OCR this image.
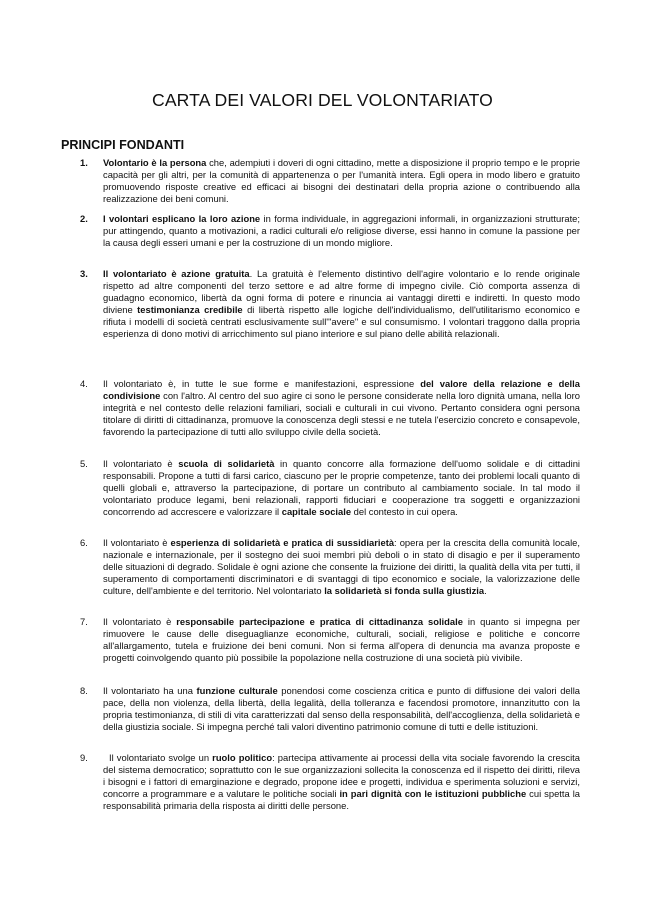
CARTA DEI VALORI DEL VOLONTARIATO
PRINCIPI FONDANTI
1.	Volontario è la persona che, adempiuti i doveri di ogni cittadino, mette a disposizione il proprio tempo e le proprie capacità per gli altri, per la comunità di appartenenza o per l'umanità intera. Egli opera in modo libero e gratuito promuovendo risposte creative ed efficaci ai bisogni dei destinatari della propria azione o contribuendo alla realizzazione dei beni comuni.
2.	I volontari esplicano la loro azione in forma individuale, in aggregazioni informali, in organizzazioni strutturate; pur attingendo, quanto a motivazioni, a radici culturali e/o religiose diverse, essi hanno in comune la passione per la causa degli esseri umani e per la costruzione di un mondo migliore.
3.	Il volontariato è azione gratuita. La gratuità è l'elemento distintivo dell'agire volontario e lo rende originale rispetto ad altre componenti del terzo settore e ad altre forme di impegno civile. Ciò comporta assenza di guadagno economico, libertà da ogni forma di potere e rinuncia ai vantaggi diretti e indiretti. In questo modo diviene testimonianza credibile di libertà rispetto alle logiche dell'individualismo, dell'utilitarismo economico e rifiuta i modelli di società centrati esclusivamente sull'"avere" e sul consumismo. I volontari traggono dalla propria esperienza di dono motivi di arricchimento sul piano interiore e sul piano delle abilità relazionali.
4.	Il volontariato è, in tutte le sue forme e manifestazioni, espressione del valore della relazione e della condivisione con l'altro. Al centro del suo agire ci sono le persone considerate nella loro dignità umana, nella loro integrità e nel contesto delle relazioni familiari, sociali e culturali in cui vivono. Pertanto considera ogni persona titolare di diritti di cittadinanza, promuove la conoscenza degli stessi e ne tutela l'esercizio concreto e consapevole, favorendo la partecipazione di tutti allo sviluppo civile della società.
5.	Il volontariato è scuola di solidarietà in quanto concorre alla formazione dell'uomo solidale e di cittadini responsabili. Propone a tutti di farsi carico, ciascuno per le proprie competenze, tanto dei problemi locali quanto di quelli globali e, attraverso la partecipazione, di portare un contributo al cambiamento sociale. In tal modo il volontariato produce legami, beni relazionali, rapporti fiduciari e cooperazione tra soggetti e organizzazioni concorrendo ad accrescere e valorizzare il capitale sociale del contesto in cui opera.
6.	Il volontariato è esperienza di solidarietà e pratica di sussidiarietà: opera per la crescita della comunità locale, nazionale e internazionale, per il sostegno dei suoi membri più deboli o in stato di disagio e per il superamento delle situazioni di degrado. Solidale è ogni azione che consente la fruizione dei diritti, la qualità della vita per tutti, il superamento di comportamenti discriminatori e di svantaggi di tipo economico e sociale, la valorizzazione delle culture, dell'ambiente e del territorio. Nel volontariato la solidarietà si fonda sulla giustizia.
7.	Il volontariato è responsabile partecipazione e pratica di cittadinanza solidale in quanto si impegna per rimuovere le cause delle diseguaglianze economiche, culturali, sociali, religiose e politiche e concorre all'allargamento, tutela e fruizione dei beni comuni. Non si ferma all'opera di denuncia ma avanza proposte e progetti coinvolgendo quanto più possibile la popolazione nella costruzione di una società più vivibile.
8.	Il volontariato ha una funzione culturale ponendosi come coscienza critica e punto di diffusione dei valori della pace, della non violenza, della libertà, della legalità, della tolleranza e facendosi promotore, innanzitutto con la propria testimonianza, di stili di vita caratterizzati dal senso della responsabilità, dell'accoglienza, della solidarietà e della giustizia sociale. Si impegna perché tali valori diventino patrimonio comune di tutti e delle istituzioni.
9.	Il volontariato svolge un ruolo politico: partecipa attivamente ai processi della vita sociale favorendo la crescita del sistema democratico; soprattutto con le sue organizzazioni sollecita la conoscenza ed il rispetto dei diritti, rileva i bisogni e i fattori di emarginazione e degrado, propone idee e progetti, individua e sperimenta soluzioni e servizi, concorre a programmare e a valutare le politiche sociali in pari dignità con le istituzioni pubbliche cui spetta la responsabilità primaria della risposta ai diritti delle persone.
